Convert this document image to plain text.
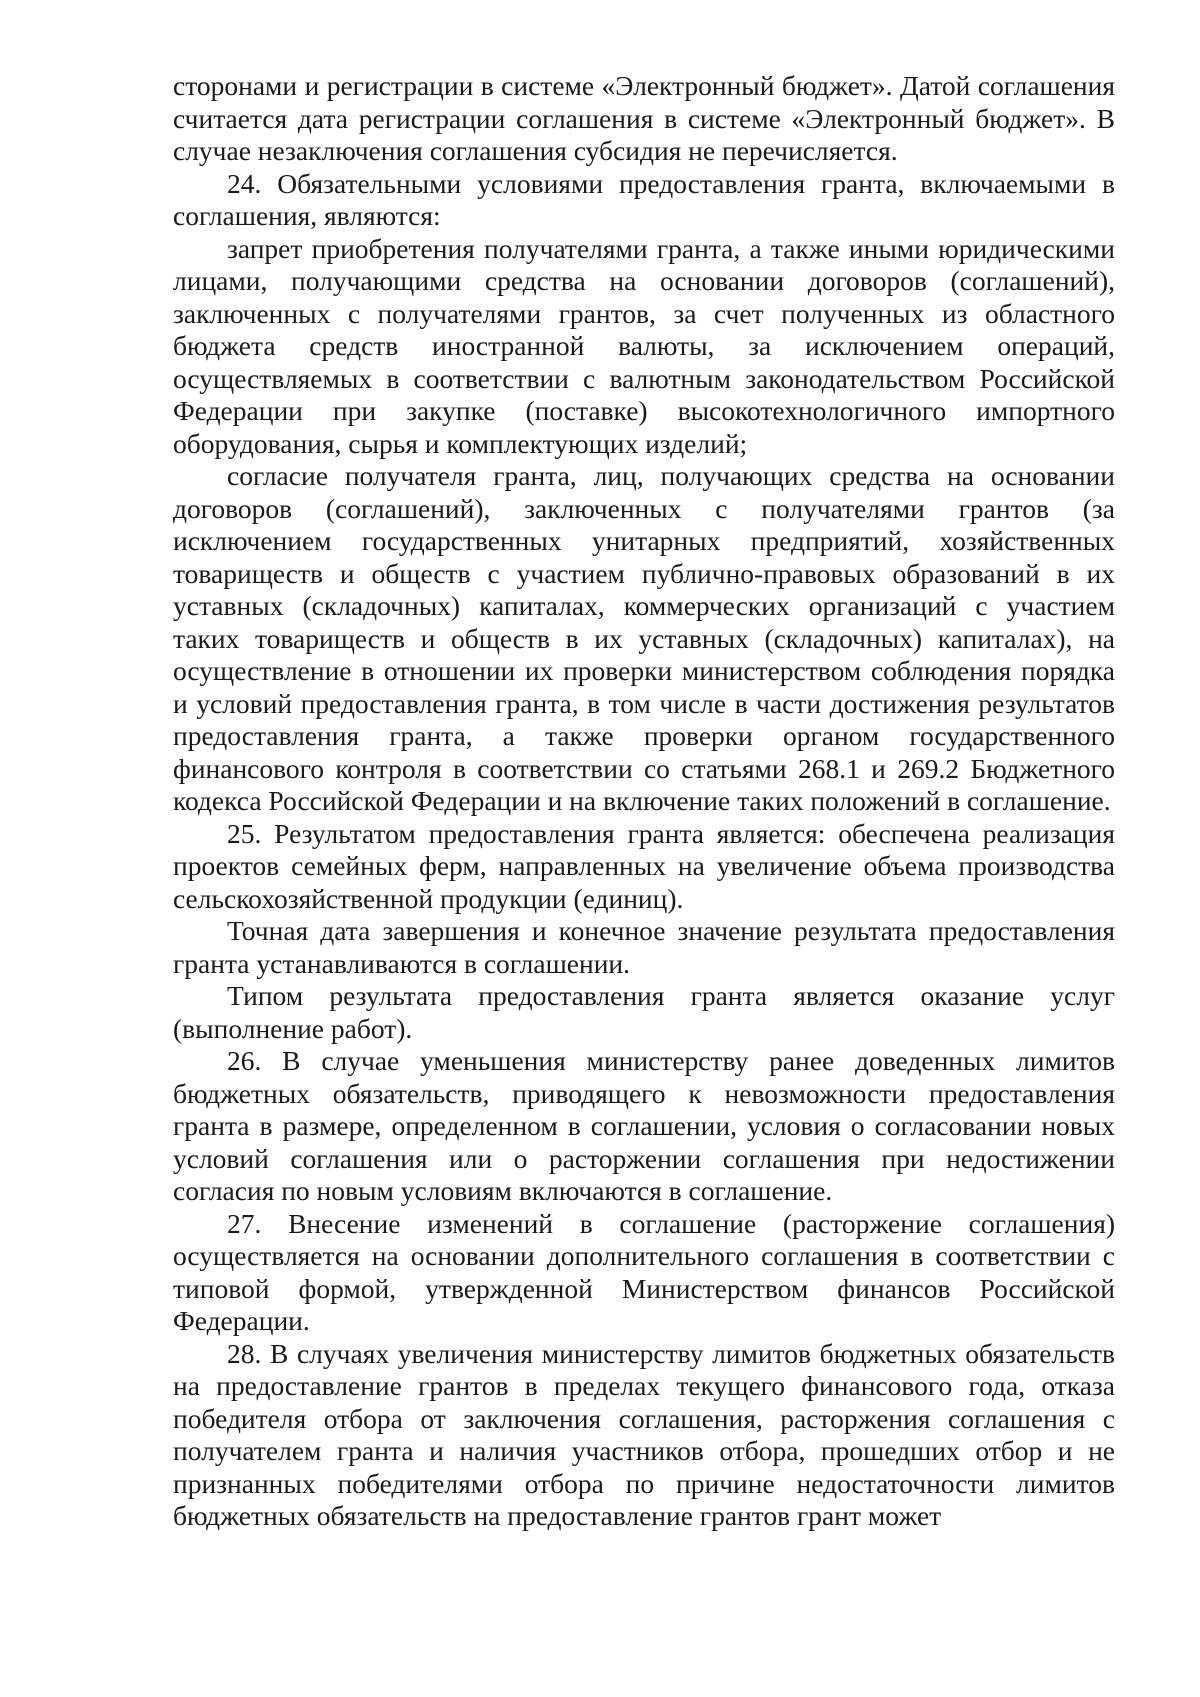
сторонами и регистрации в системе «Электронный бюджет». Датой соглашения считается дата регистрации соглашения в системе «Электронный бюджет». В случае незаключения соглашения субсидия не перечисляется.

24. Обязательными условиями предоставления гранта, включаемыми в соглашения, являются:

запрет приобретения получателями гранта, а также иными юридическими лицами, получающими средства на основании договоров (соглашений), заключенных с получателями грантов, за счет полученных из областного бюджета средств иностранной валюты, за исключением операций, осуществляемых в соответствии с валютным законодательством Российской Федерации при закупке (поставке) высокотехнологичного импортного оборудования, сырья и комплектующих изделий;

согласие получателя гранта, лиц, получающих средства на основании договоров (соглашений), заключенных с получателями грантов (за исключением государственных унитарных предприятий, хозяйственных товариществ и обществ с участием публично-правовых образований в их уставных (складочных) капиталах, коммерческих организаций с участием таких товариществ и обществ в их уставных (складочных) капиталах), на осуществление в отношении их проверки министерством соблюдения порядка и условий предоставления гранта, в том числе в части достижения результатов предоставления гранта, а также проверки органом государственного финансового контроля в соответствии со статьями 268.1 и 269.2 Бюджетного кодекса Российской Федерации и на включение таких положений в соглашение.

25. Результатом предоставления гранта является: обеспечена реализация проектов семейных ферм, направленных на увеличение объема производства сельскохозяйственной продукции (единиц).

Точная дата завершения и конечное значение результата предоставления гранта устанавливаются в соглашении.

Типом результата предоставления гранта является оказание услуг (выполнение работ).

26. В случае уменьшения министерству ранее доведенных лимитов бюджетных обязательств, приводящего к невозможности предоставления гранта в размере, определенном в соглашении, условия о согласовании новых условий соглашения или о расторжении соглашения при недостижении согласия по новым условиям включаются в соглашение.

27. Внесение изменений в соглашение (расторжение соглашения) осуществляется на основании дополнительного соглашения в соответствии с типовой формой, утвержденной Министерством финансов Российской Федерации.

28. В случаях увеличения министерству лимитов бюджетных обязательств на предоставление грантов в пределах текущего финансового года, отказа победителя отбора от заключения соглашения, расторжения соглашения с получателем гранта и наличия участников отбора, прошедших отбор и не признанных победителями отбора по причине недостаточности лимитов бюджетных обязательств на предоставление грантов грант может
